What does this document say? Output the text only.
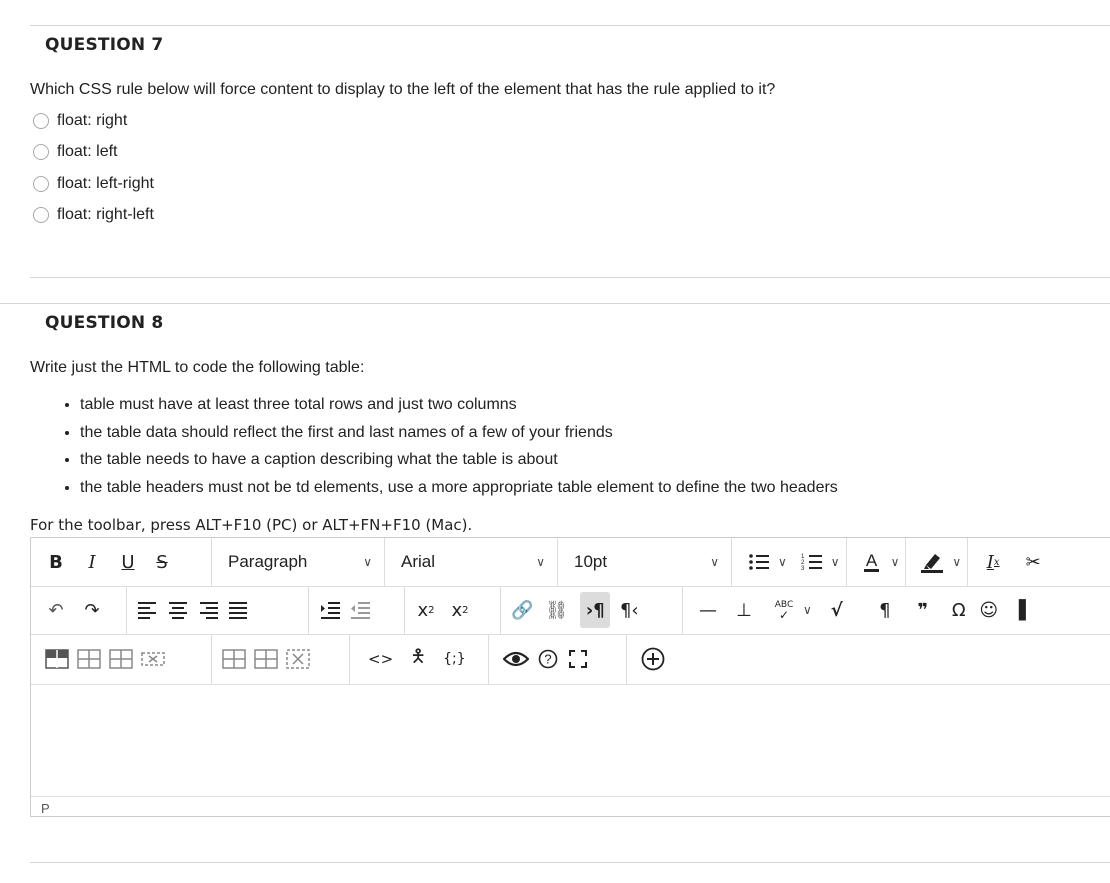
QUESTION 7
Which CSS rule below will force content to display to the left of the element that has the rule applied to it?
float: right
float: left
float: left-right
float: right-left
QUESTION 8
Write just the HTML to code the following table:
• table must have at least three total rows and just two columns
• the table data should reflect the first and last names of a few of your friends
• the table needs to have a caption describing what the table is about
• the table headers must not be td elements, use a more appropriate table element to define the two headers
For the toolbar, press ALT+F10 (PC) or ALT+FN+F10 (Mac).
B	I	U	S	Paragraph	∨ Arial	∨ 10pt	∨	∨ 1
2
3 ∨ A ∨	∨	I x	✂
↶	↷	x 2 x 2 🔗 ⛓ ›¶ ¶‹	—	⊥	ABC
✓ ∨	√	¶	❞	Ω ☺ ▐
<> 🯅	{;}	?
P
